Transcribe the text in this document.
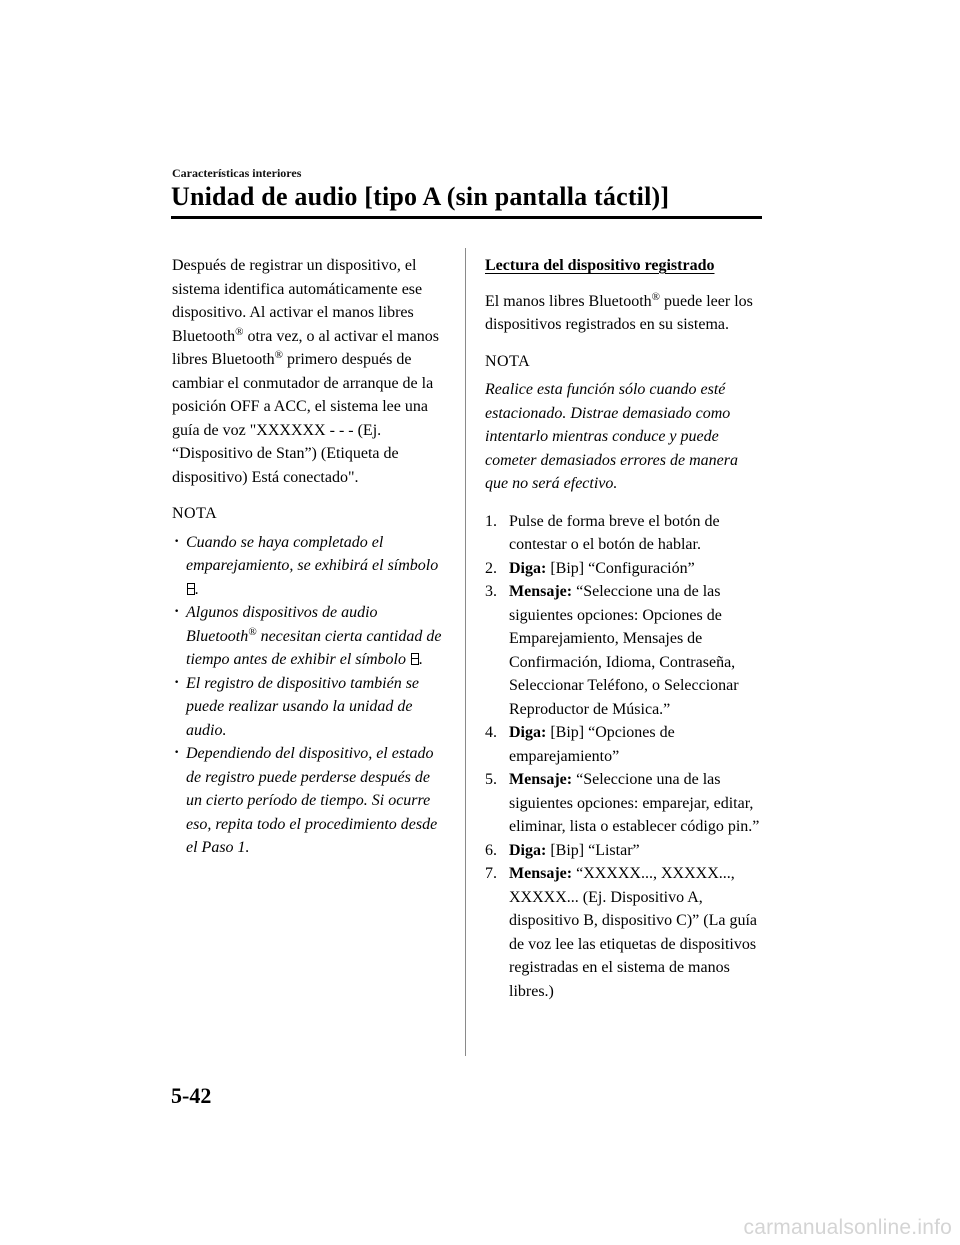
Características interiores
Unidad de audio [tipo A (sin pantalla táctil)]

Después de registrar un dispositivo, el sistema identifica automáticamente ese dispositivo. Al activar el manos libres Bluetooth® otra vez, o al activar el manos libres Bluetooth® primero después de cambiar el conmutador de arranque de la posición OFF a ACC, el sistema lee una guía de voz "XXXXXX - - - (Ej. “Dispositivo de Stan”) (Etiqueta de dispositivo) Está conectado".

NOTA

· Cuando se haya completado el emparejamiento, se exhibirá el símbolo .
· Algunos dispositivos de audio Bluetooth® necesitan cierta cantidad de tiempo antes de exhibir el símbolo .
· El registro de dispositivo también se puede realizar usando la unidad de audio.
· Dependiendo del dispositivo, el estado de registro puede perderse después de un cierto período de tiempo. Si ocurre eso, repita todo el procedimiento desde el Paso 1.
Lectura del dispositivo registrado

El manos libres Bluetooth® puede leer los dispositivos registrados en su sistema.

NOTA

Realice esta función sólo cuando esté estacionado. Distrae demasiado como intentarlo mientras conduce y puede cometer demasiados errores de manera que no será efectivo.

1. Pulse de forma breve el botón de contestar o el botón de hablar.
2. Diga: [Bip] “Configuración”
3. Mensaje: “Seleccione una de las siguientes opciones: Opciones de Emparejamiento, Mensajes de Confirmación, Idioma, Contraseña, Seleccionar Teléfono, o Seleccionar Reproductor de Música.”
4. Diga: [Bip] “Opciones de emparejamiento”
5. Mensaje: “Seleccione una de las siguientes opciones: emparejar, editar, eliminar, lista o establecer código pin.”
6. Diga: [Bip] “Listar”
7. Mensaje: “XXXXX..., XXXXX..., XXXXX... (Ej. Dispositivo A, dispositivo B, dispositivo C)” (La guía de voz lee las etiquetas de dispositivos registradas en el sistema de manos libres.)
5-42
carmanualsonline.info
